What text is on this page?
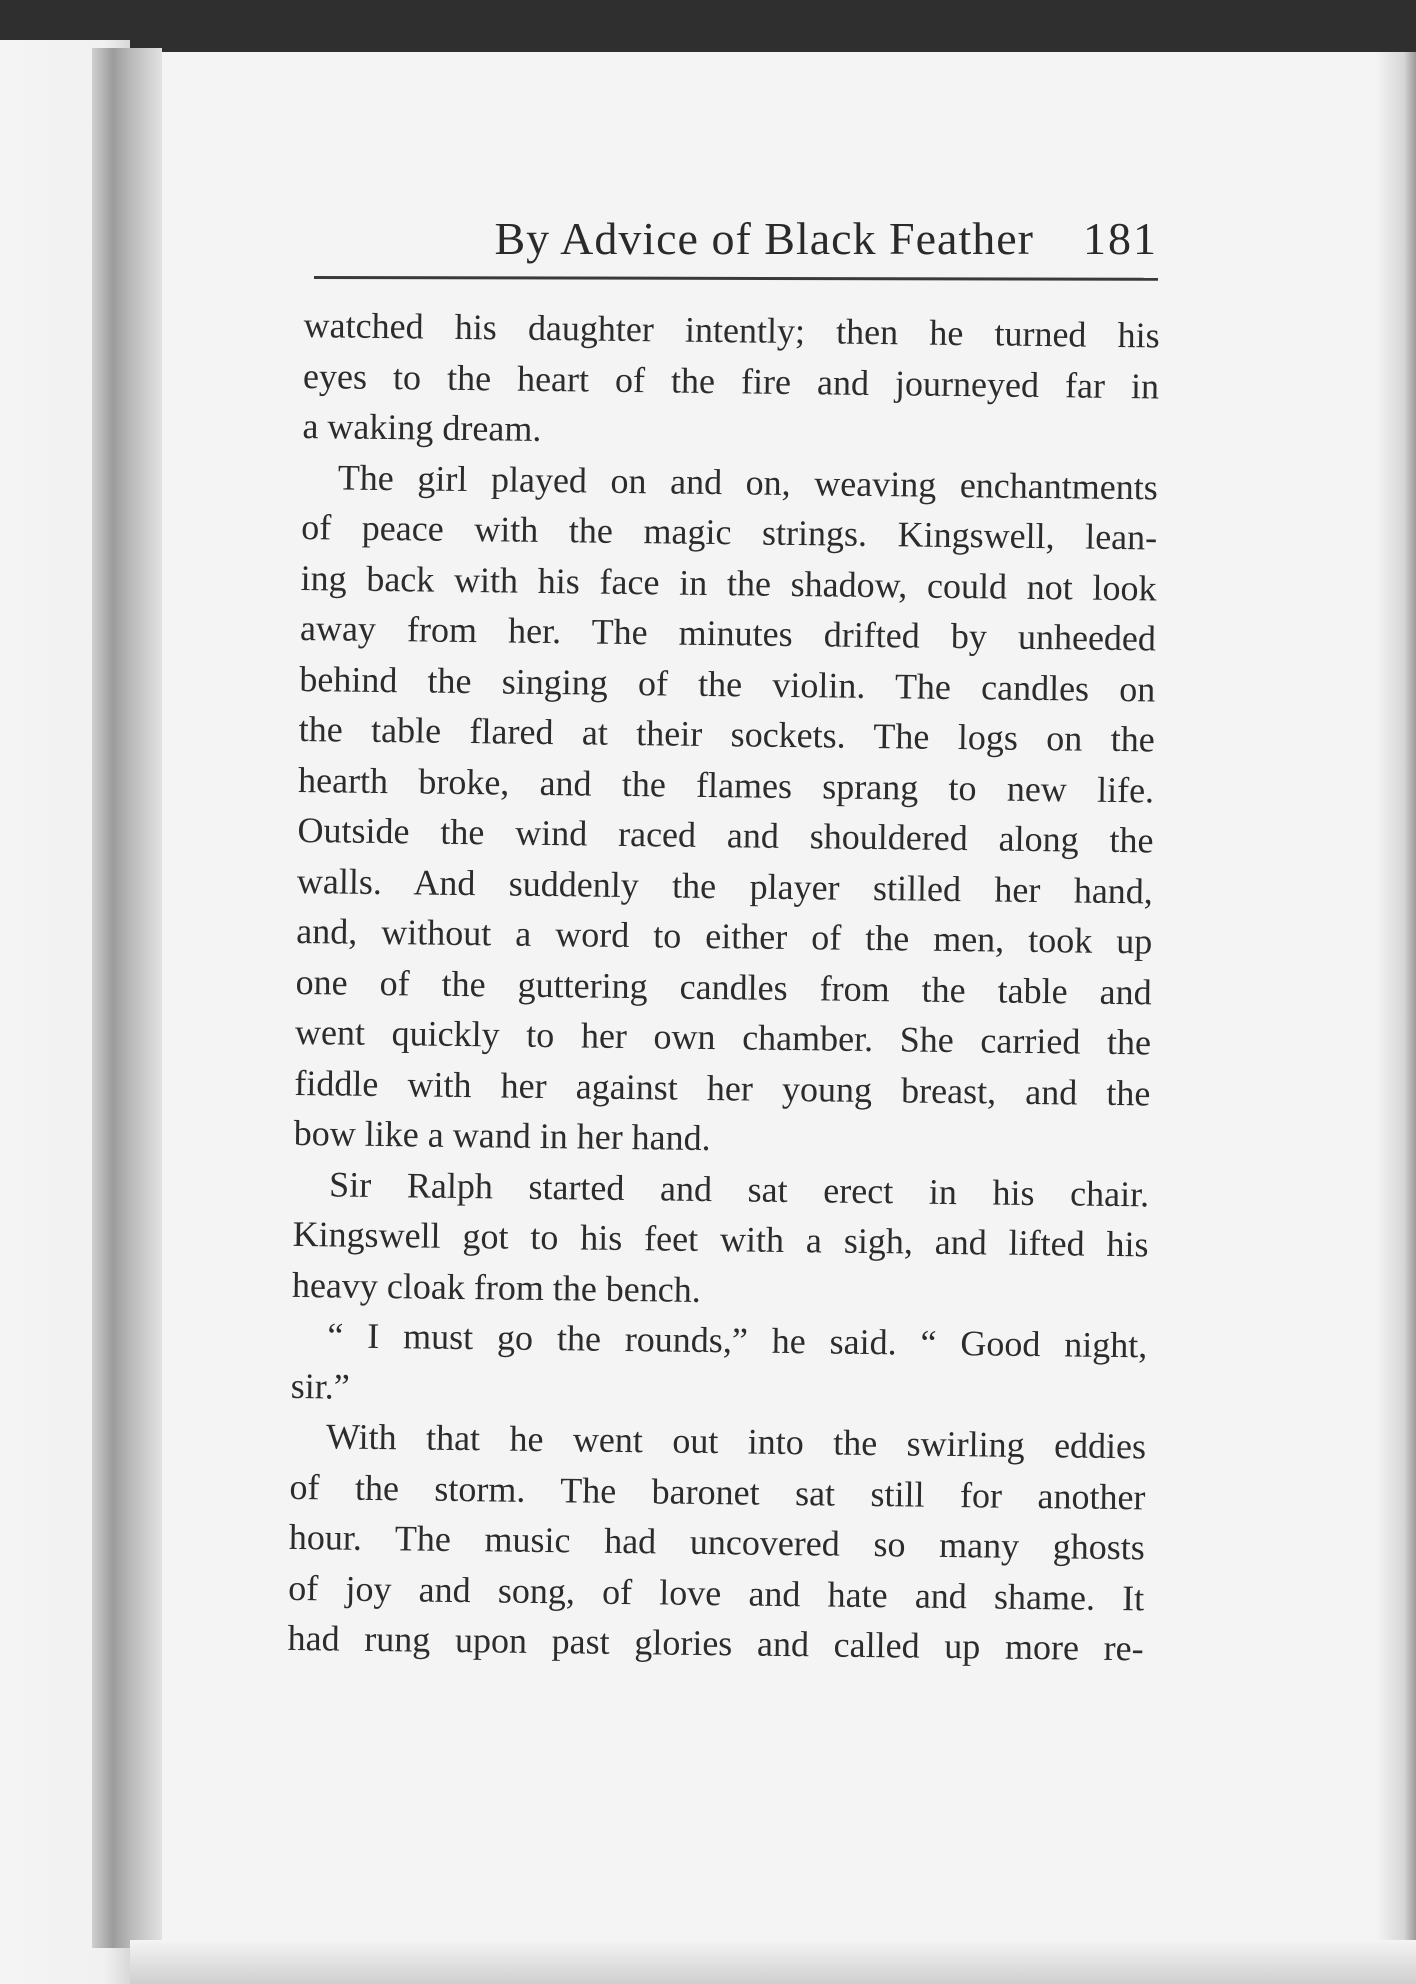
By Advice of Black Feather 181
watched his daughter intently; then he turned his
eyes to the heart of the fire and journeyed far in
a waking dream.
The girl played on and on, weaving enchantments
of peace with the magic strings. Kingswell, lean-
ing back with his face in the shadow, could not look
away from her. The minutes drifted by unheeded
behind the singing of the violin. The candles on
the table flared at their sockets. The logs on the
hearth broke, and the flames sprang to new life.
Outside the wind raced and shouldered along the
walls. And suddenly the player stilled her hand,
and, without a word to either of the men, took up
one of the guttering candles from the table and
went quickly to her own chamber. She carried the
fiddle with her against her young breast, and the
bow like a wand in her hand.
Sir Ralph started and sat erect in his chair.
Kingswell got to his feet with a sigh, and lifted his
heavy cloak from the bench.
“ I must go the rounds,” he said. “ Good night,
sir.”
With that he went out into the swirling eddies
of the storm. The baronet sat still for another
hour. The music had uncovered so many ghosts
of joy and song, of love and hate and shame. It
had rung upon past glories and called up more re-
